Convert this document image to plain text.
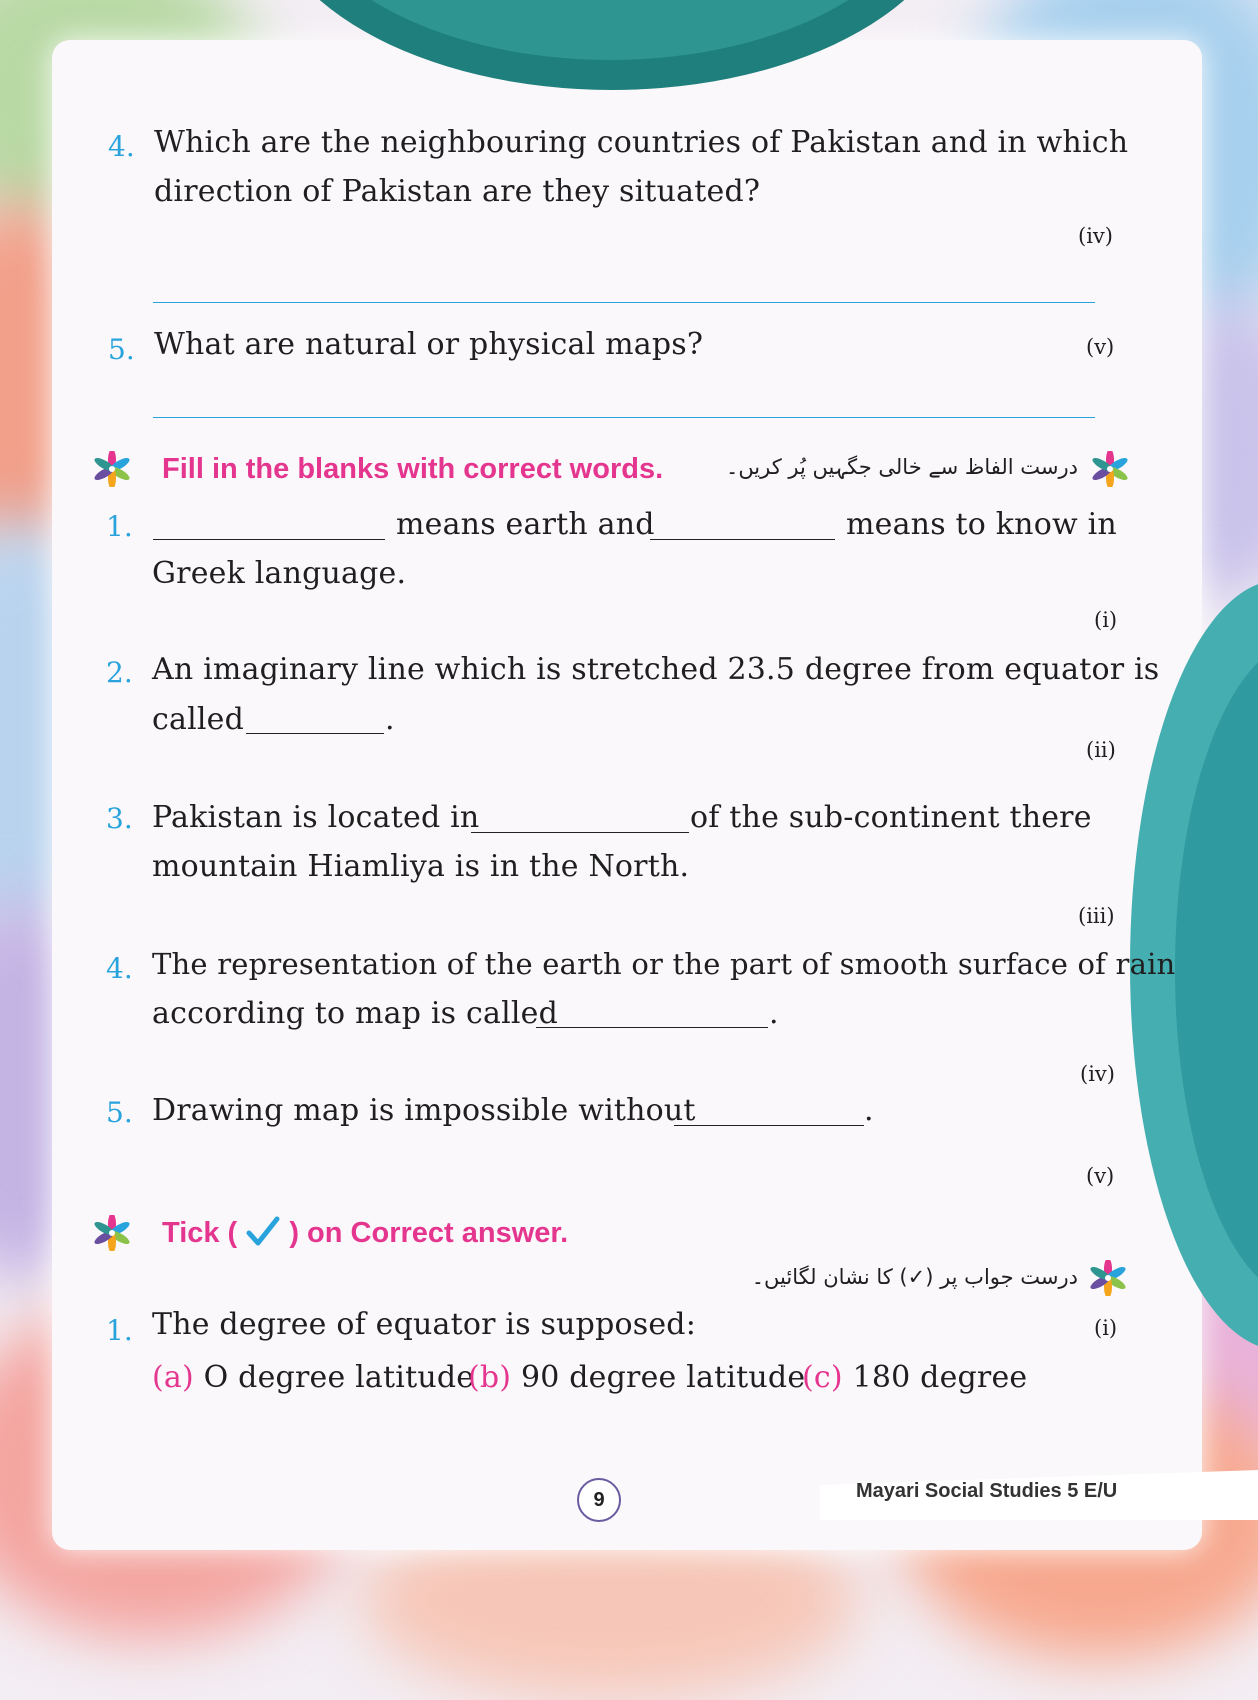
4. Which are the neighbouring countries of Pakistan and in which
direction of Pakistan are they situated?
(iv)
5. What are natural or physical maps?	(v)
Fill in the blanks with correct words.	درست الفاظ سے خالی جگہیں پُر کریں۔
1.	means earth and	means to know in
Greek language.
(i)
2. An imaginary line which is stretched 23.5 degree from equator is
called	.
(ii)
3. Pakistan is located in	of the sub-continent there
mountain Hiamliya is in the North.
(iii)
4. The representation of the earth or the part of smooth surface of rain
according to map is called	.
(iv)
5. Drawing map is impossible without	.
(v)
Tick ( ) on Correct answer.
درست جواب پر (✓) کا نشان لگائیں۔
1. The degree of equator is supposed:	(i)
(a) O degree latitude
(b) 90 degree latitude
(c) 180 degree
9	Mayari Social Studies 5 E/U
